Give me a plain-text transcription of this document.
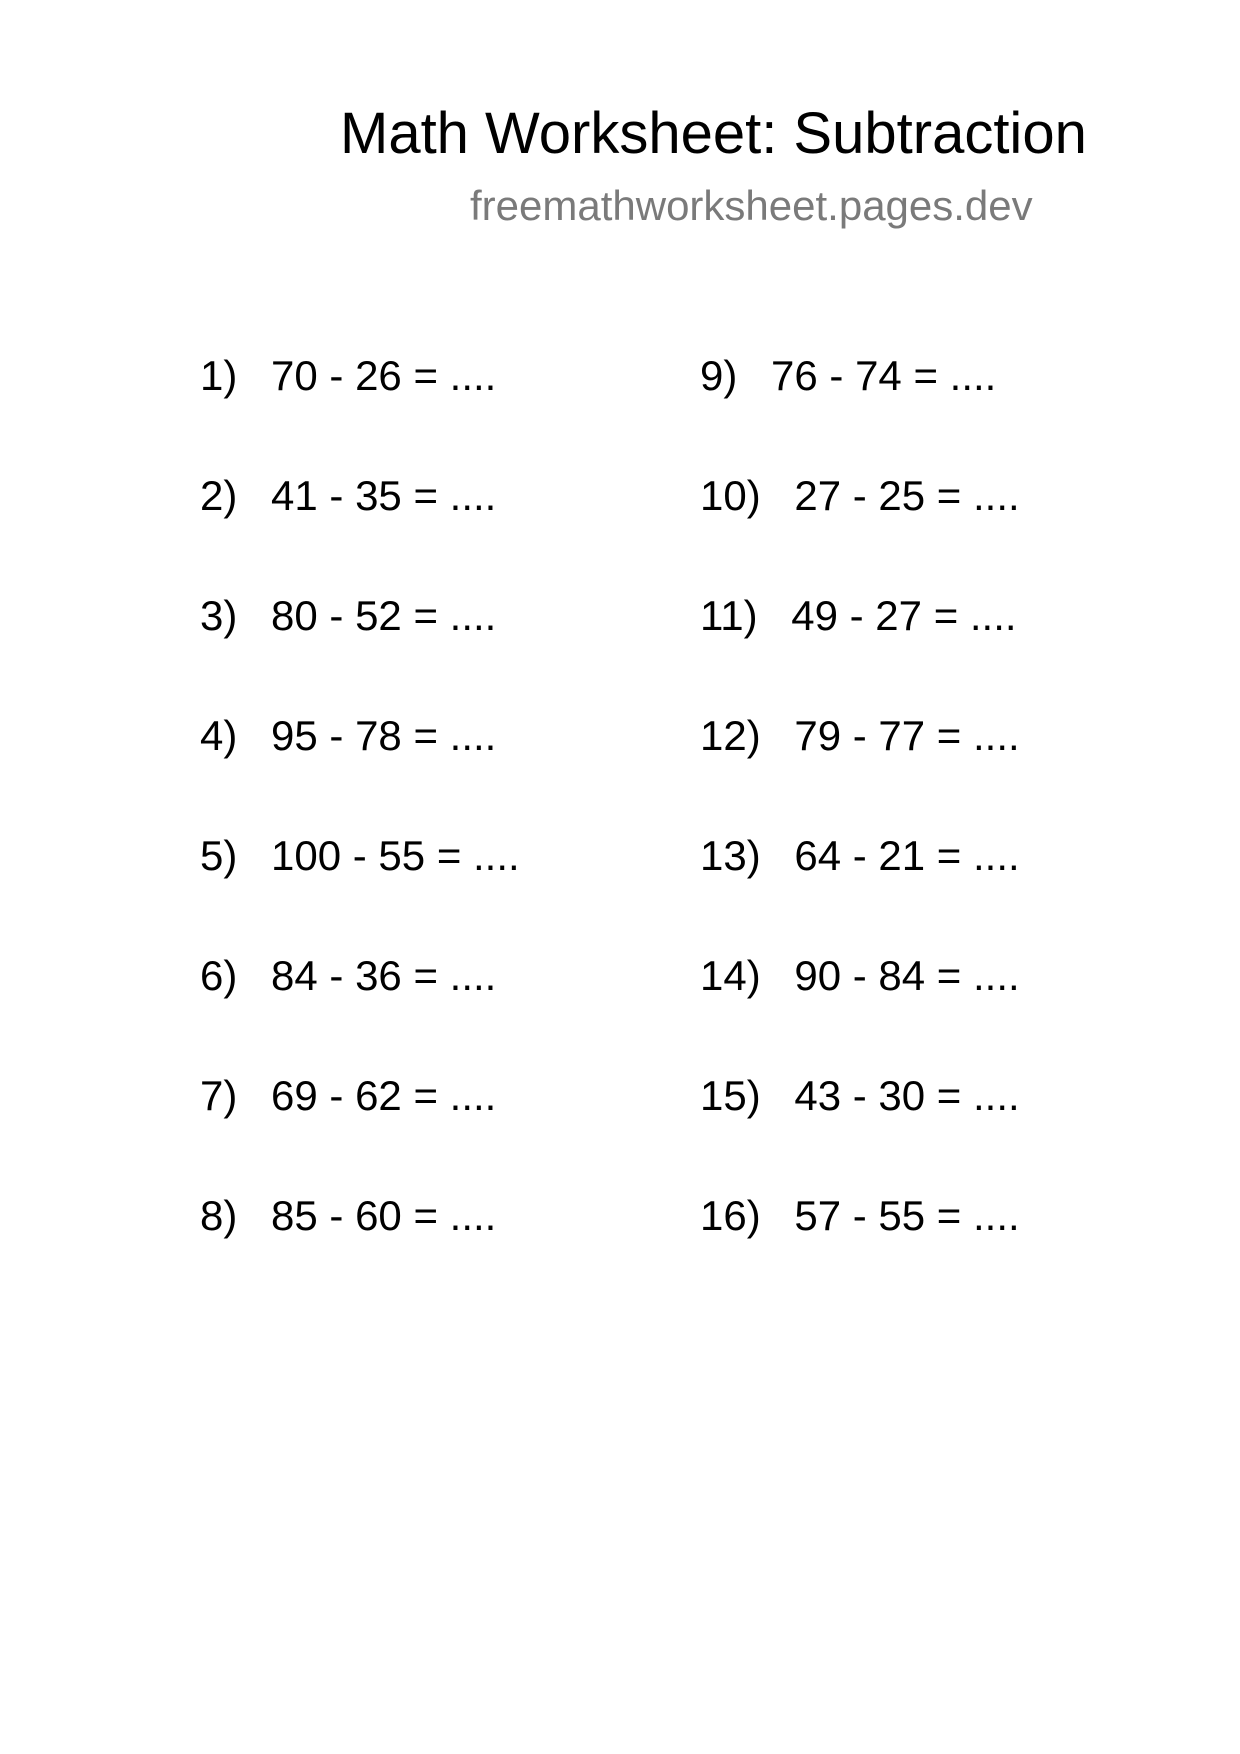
Math Worksheet: Subtraction
freemathworksheet.pages.dev
1) 70 - 26 = ....
2) 41 - 35 = ....
3) 80 - 52 = ....
4) 95 - 78 = ....
5) 100 - 55 = ....
6) 84 - 36 = ....
7) 69 - 62 = ....
8) 85 - 60 = ....
9) 76 - 74 = ....
10) 27 - 25 = ....
11) 49 - 27 = ....
12) 79 - 77 = ....
13) 64 - 21 = ....
14) 90 - 84 = ....
15) 43 - 30 = ....
16) 57 - 55 = ....
